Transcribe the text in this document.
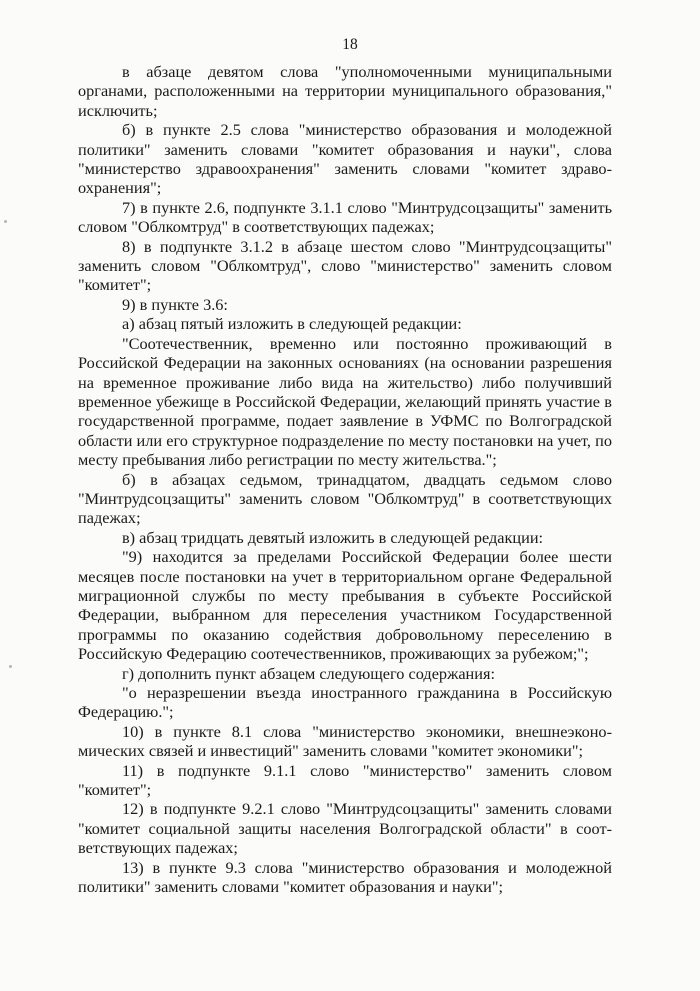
18

в абзаце девятом слова "уполномоченными муниципальными органами, расположенными на территории муниципального образования," исключить;

б) в пункте 2.5 слова "министерство образования и молодежной политики" заменить словами "комитет образования и науки", слова "министерство здравоохранения" заменить словами "комитет здраво-охранения";

7) в пункте 2.6, подпункте 3.1.1 слово "Минтрудсоцзащиты" заменить словом "Облкомтруд" в соответствующих падежах;

8) в подпункте 3.1.2 в абзаце шестом слово "Минтрудсоцзащиты" заменить словом "Облкомтруд", слово "министерство" заменить словом "комитет";

9) в пункте 3.6:

а) абзац пятый изложить в следующей редакции:

"Соотечественник, временно или постоянно проживающий в Российской Федерации на законных основаниях (на основании разрешения на временное проживание либо вида на жительство) либо получивший временное убежище в Российской Федерации, желающий принять участие в государственной программе, подает заявление в УФМС по Волгоградской области или его структурное подразделение по месту постановки на учет, по месту пребывания либо регистрации по месту жительства.";

б) в абзацах седьмом, тринадцатом, двадцать седьмом слово "Минтрудсоцзащиты" заменить словом "Облкомтруд" в соответствующих падежах;

в) абзац тридцать девятый изложить в следующей редакции:

"9) находится за пределами Российской Федерации более шести месяцев после постановки на учет в территориальном органе Федеральной миграционной службы по месту пребывания в субъекте Российской Федерации, выбранном для переселения участником Государственной программы по оказанию содействия добровольному переселению в Российскую Федерацию соотечественников, проживающих за рубежом;";

г) дополнить пункт абзацем следующего содержания:

"о неразрешении въезда иностранного гражданина в Российскую Федерацию.";

10) в пункте 8.1 слова "министерство экономики, внешнеэконо-мических связей и инвестиций" заменить словами "комитет экономики";

11) в подпункте 9.1.1 слово "министерство" заменить словом "комитет";

12) в подпункте 9.2.1 слово "Минтрудсоцзащиты" заменить словами "комитет социальной защиты населения Волгоградской области" в соот-ветствующих падежах;

13) в пункте 9.3 слова "министерство образования и молодежной политики" заменить словами "комитет образования и науки";
